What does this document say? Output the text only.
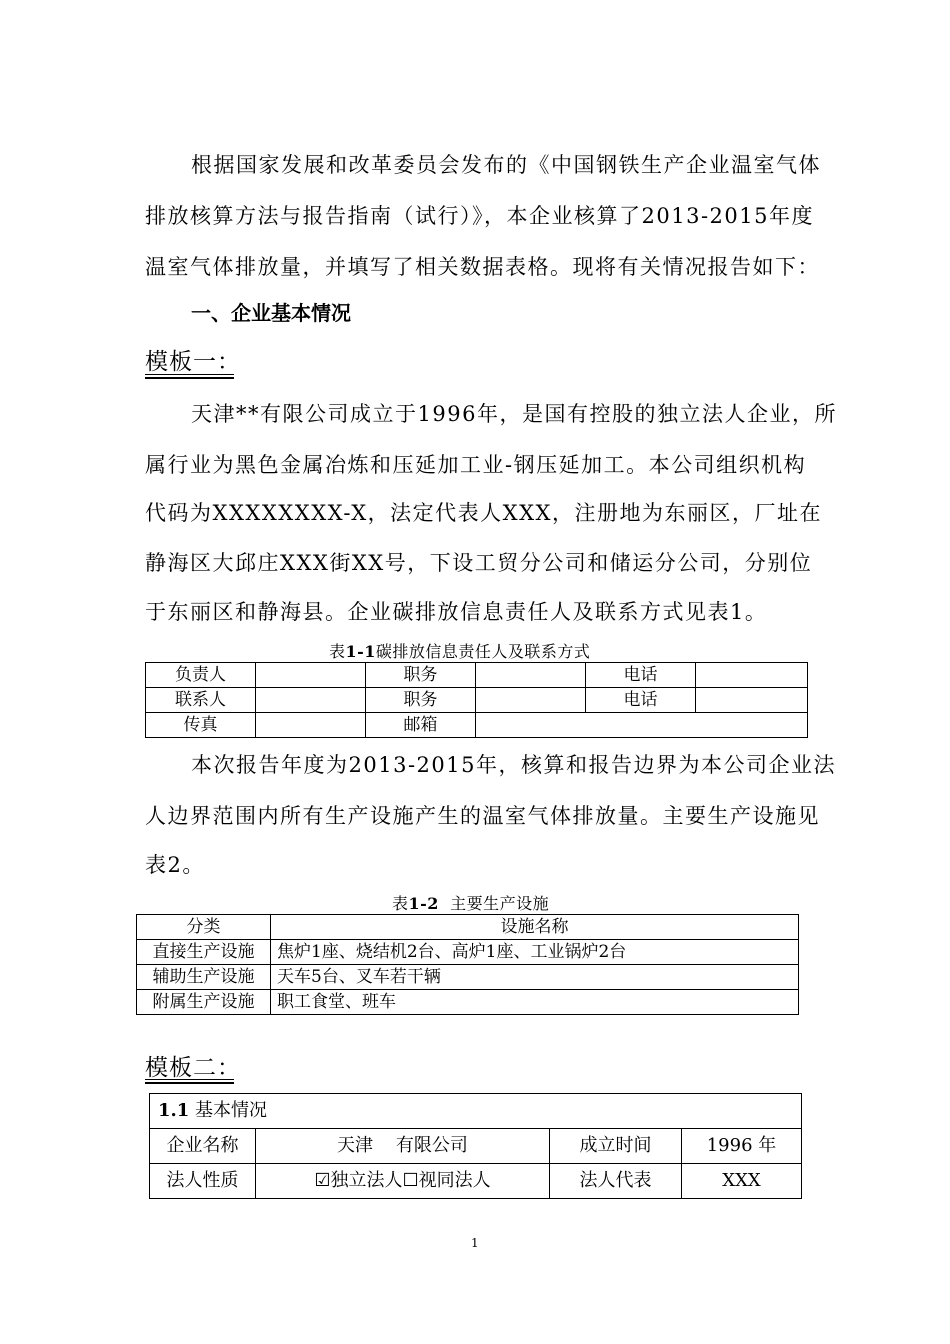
根据国家发展和改革委员会发布的《中国钢铁生产企业温室气体
排放核算方法与报告指南（试行）》，本企业核算了2013-2015年度
温室气体排放量，并填写了相关数据表格。现将有关情况报告如下：
一、企业基本情况
模板一：
天津**有限公司成立于1996年，是国有控股的独立法人企业，所
属行业为黑色金属冶炼和压延加工业-钢压延加工。本公司组织机构
代码为XXXXXXXX-X，法定代表人XXX，注册地为东丽区，厂址在
静海区大邱庄XXX街XX号，下设工贸分公司和储运分公司，分别位
于东丽区和静海县。企业碳排放信息责任人及联系方式见表1。
表1-1碳排放信息责任人及联系方式
负责人		职务		电话	
联系人		职务		电话	
传真		邮箱			
本次报告年度为2013-2015年，核算和报告边界为本公司企业法
人边界范围内所有生产设施产生的温室气体排放量。主要生产设施见
表2。
表1-2  主要生产设施
分类	设施名称
直接生产设施	焦炉1座、烧结机2台、高炉1座、工业锅炉2台
辅助生产设施	天车5台、叉车若干辆
附属生产设施	职工食堂、班车
模板二：
1.1 基本情况			
企业名称	天津    有限公司	成立时间	1996 年
法人性质	☑独立法人☐视同法人	法人代表	XXX
1
